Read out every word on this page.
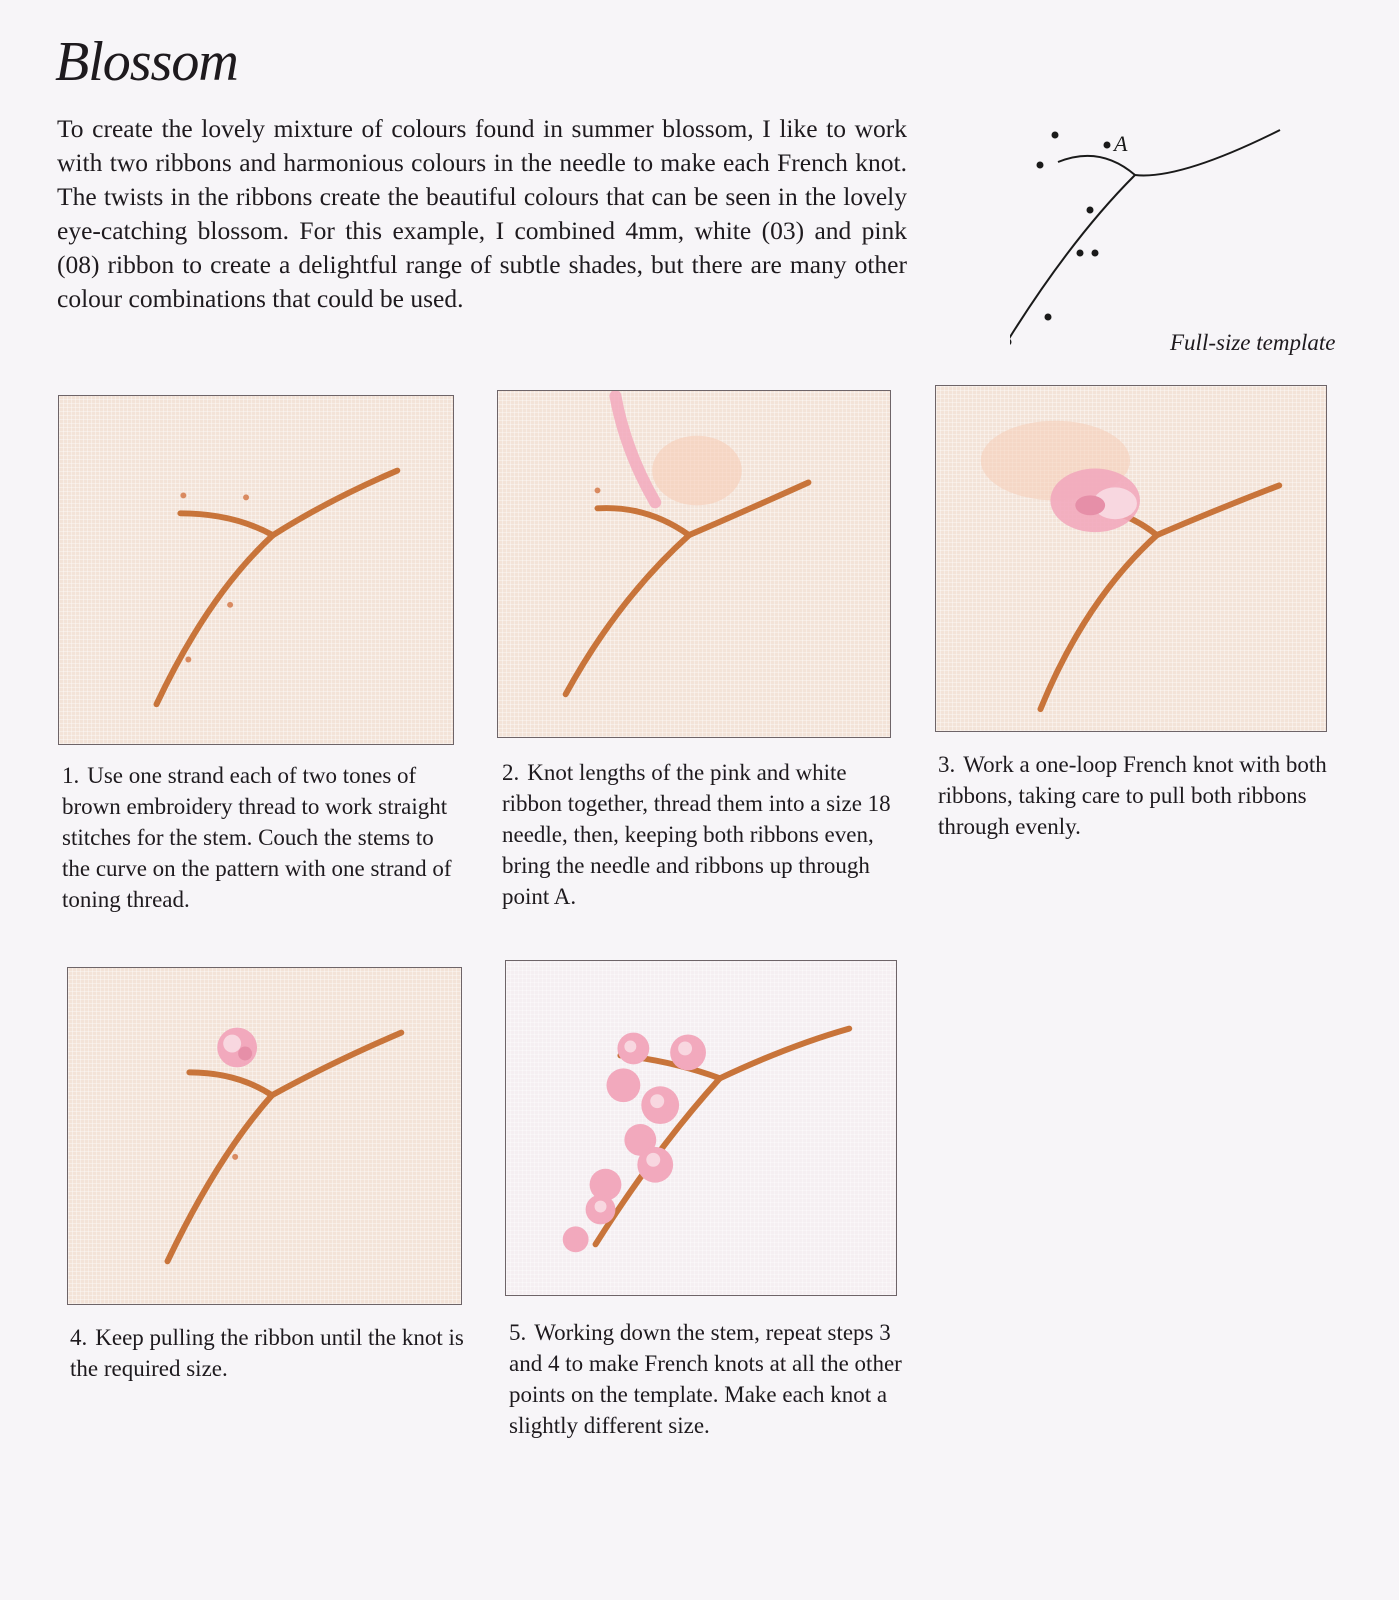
Blossom

To create the lovely mixture of colours found in summer blossom, I like to work with two ribbons and harmonious colours in the needle to make each French knot. The twists in the ribbons create the beautiful colours that can be seen in the lovely eye-catching blossom. For this example, I combined 4mm, white (03) and pink (08) ribbon to create a delightful range of subtle shades, but there are many other colour combinations that could be used.

A
Full-size template

1. Use one strand each of two tones of brown embroidery thread to work straight stitches for the stem. Couch the stems to the curve on the pattern with one strand of toning thread.

2. Knot lengths of the pink and white ribbon together, thread them into a size 18 needle, then, keeping both ribbons even, bring the needle and ribbons up through point A.

3. Work a one-loop French knot with both ribbons, taking care to pull both ribbons through evenly.

4. Keep pulling the ribbon until the knot is the required size.

5. Working down the stem, repeat steps 3 and 4 to make French knots at all the other points on the template. Make each knot a slightly different size.
